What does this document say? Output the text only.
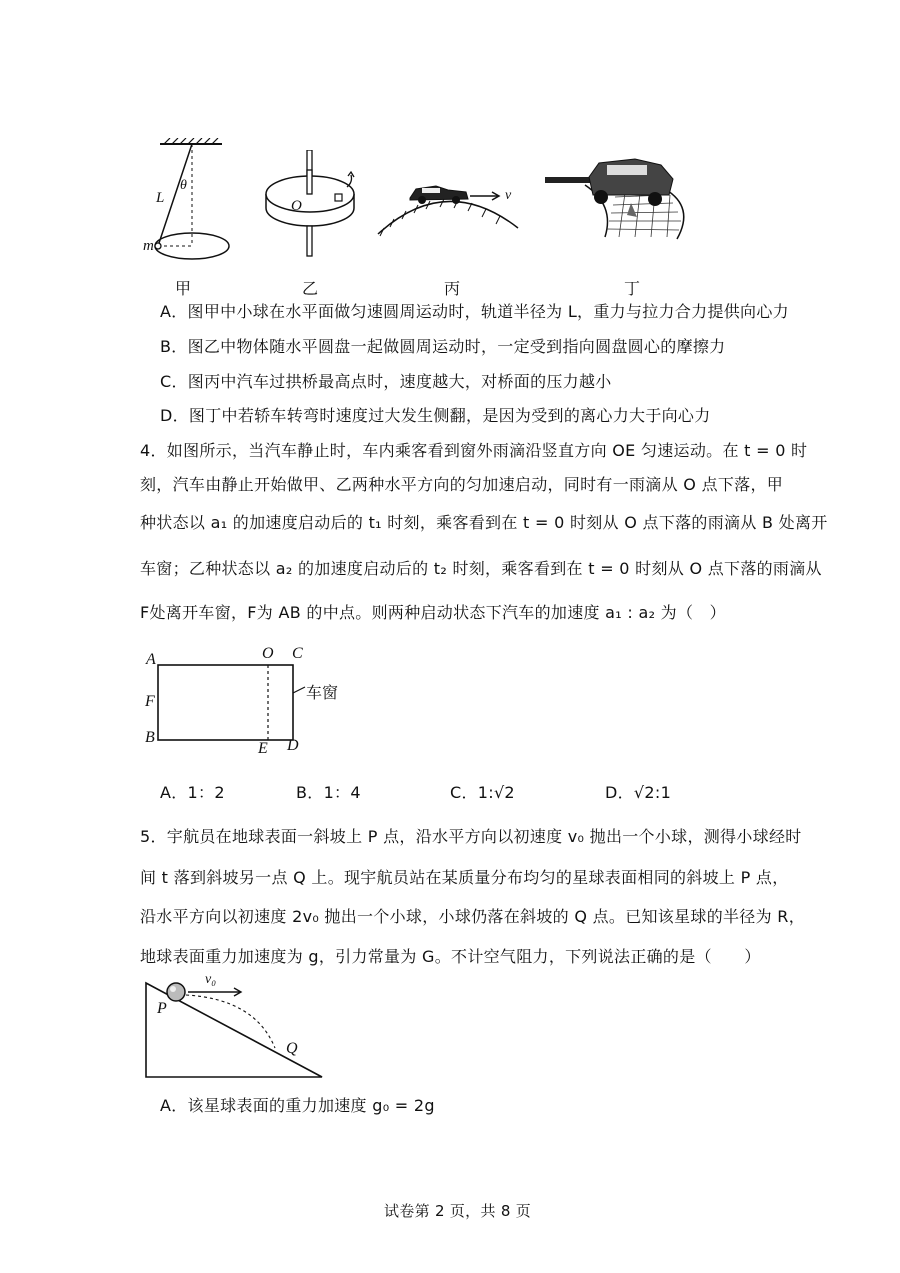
L
θ
m
O
v
甲	乙	丙	丁
A．图甲中小球在水平面做匀速圆周运动时，轨道半径为 L，重力与拉力合力提供向心力
B．图乙中物体随水平圆盘一起做圆周运动时，一定受到指向圆盘圆心的摩擦力
C．图丙中汽车过拱桥最高点时，速度越大，对桥面的压力越小
D．图丁中若轿车转弯时速度过大发生侧翻，是因为受到的离心力大于向心力
4．如图所示，当汽车静止时，车内乘客看到窗外雨滴沿竖直方向 OE 匀速运动。在 t = 0 时
刻，汽车由静止开始做甲、乙两种水平方向的匀加速启动，同时有一雨滴从 O 点下落，甲
种状态以 a₁ 的加速度启动后的 t₁ 时刻，乘客看到在 t = 0 时刻从 O 点下落的雨滴从 B 处离开
车窗；乙种状态以 a₂ 的加速度启动后的 t₂ 时刻，乘客看到在 t = 0 时刻从 O 点下落的雨滴从
F处离开车窗，F为 AB 的中点。则两种启动状态下汽车的加速度 a₁ : a₂ 为（　）
A	O C
F
B
E D
车窗
A．1：2	B．1：4	C．1:√2	D．√2:1
5．宇航员在地球表面一斜坡上 P 点，沿水平方向以初速度 v₀ 抛出一个小球，测得小球经时
间 t 落到斜坡另一点 Q 上。现宇航员站在某质量分布均匀的星球表面相同的斜坡上 P 点，
沿水平方向以初速度 2v₀ 抛出一个小球，小球仍落在斜坡的 Q 点。已知该星球的半径为 R，
地球表面重力加速度为 g，引力常量为 G。不计空气阻力，下列说法正确的是（　　）
v₀
P
Q
A．该星球表面的重力加速度 g₀ = 2g
试卷第 2 页，共 8 页
